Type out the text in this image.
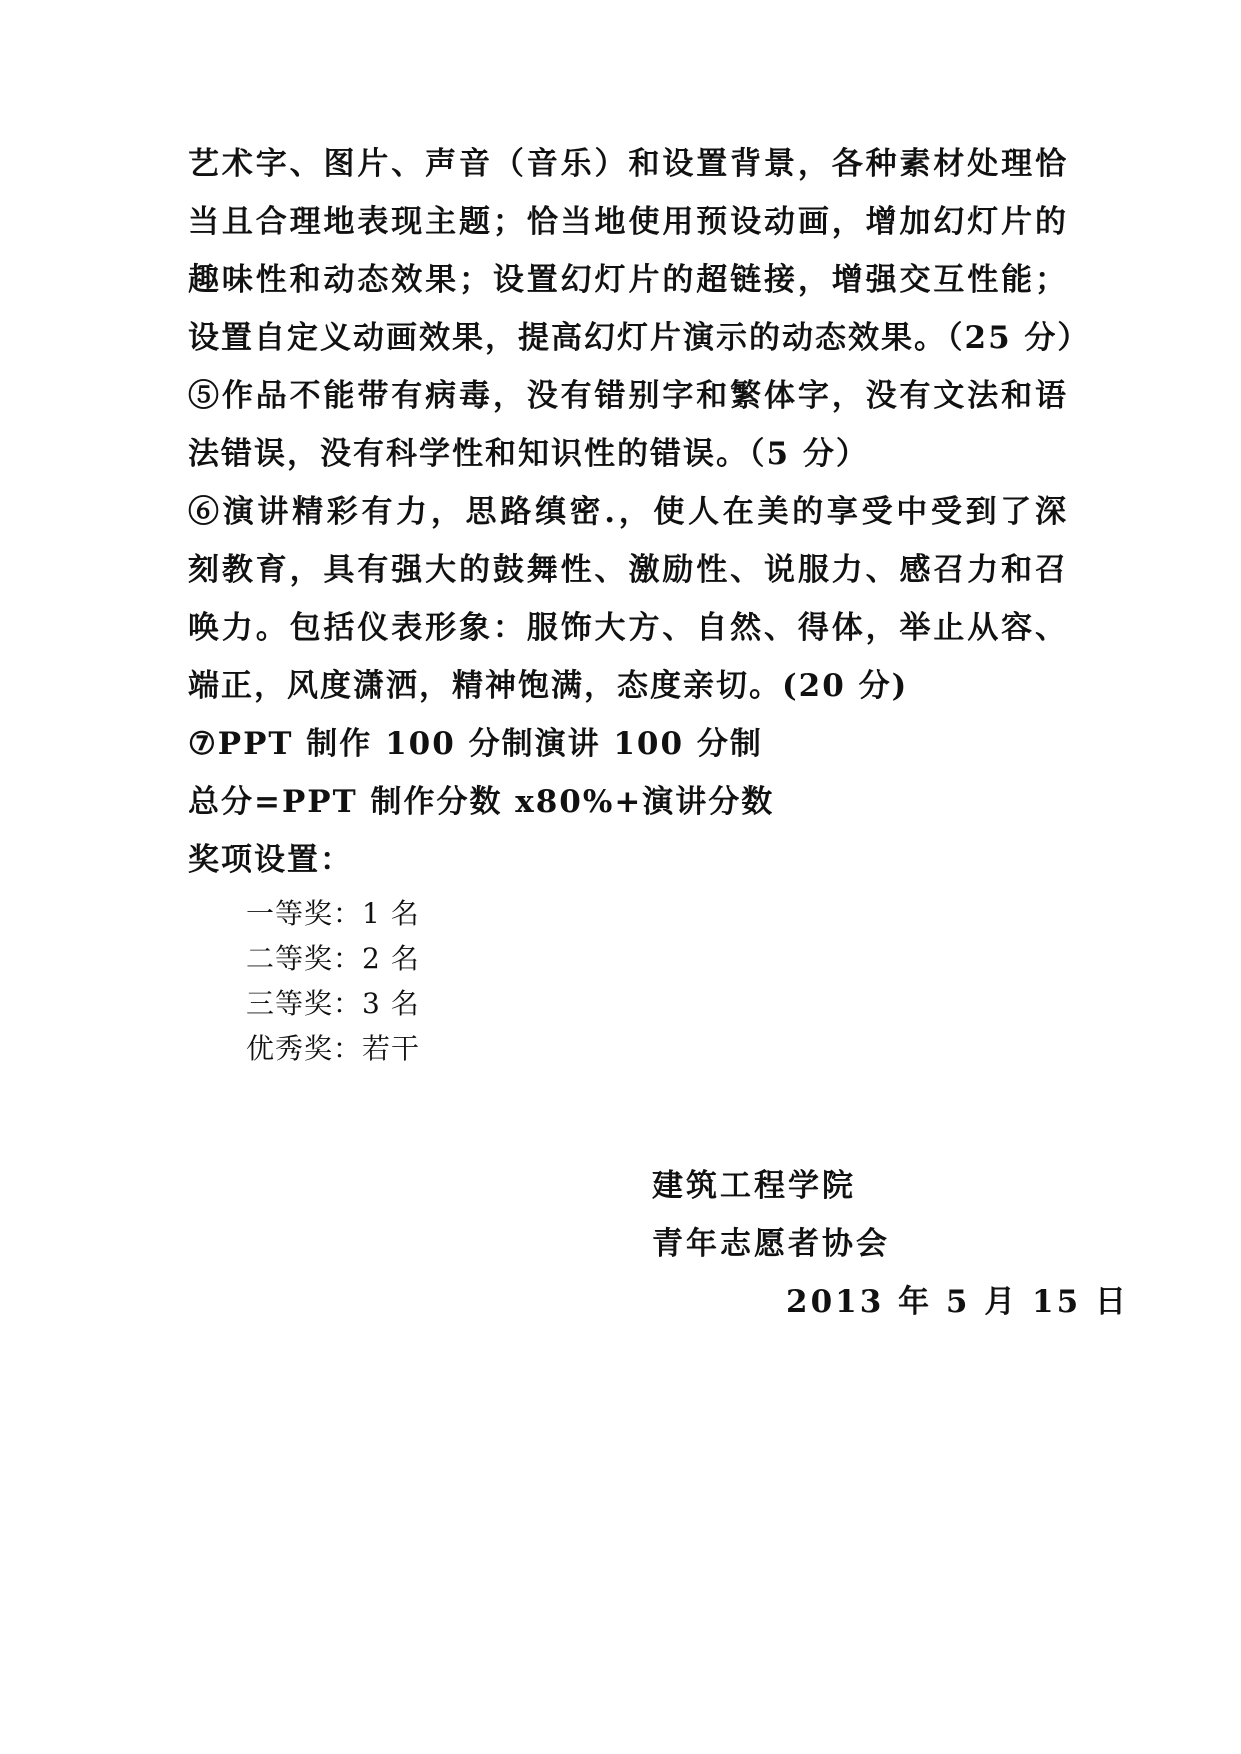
艺术字、图片、声音（音乐）和设置背景，各种素材处理恰
当且合理地表现主题；恰当地使用预设动画，增加幻灯片的
趣味性和动态效果；设置幻灯片的超链接，增强交互性能；
设置自定义动画效果，提高幻灯片演示的动态效果。（25 分）
⑤作品不能带有病毒，没有错别字和繁体字，没有文法和语
法错误，没有科学性和知识性的错误。（5 分）
⑥演讲精彩有力，思路缜密.，使人在美的享受中受到了深
刻教育，具有强大的鼓舞性、激励性、说服力、感召力和召
唤力。包括仪表形象：服饰大方、自然、得体，举止从容、
端正，风度潇洒，精神饱满，态度亲切。(20 分)
⑦PPT 制作 100 分制演讲 100 分制
总分=PPT 制作分数 x80%+演讲分数
奖项设置：
一等奖：1 名
二等奖：2 名
三等奖：3 名
优秀奖：若干
建筑工程学院
青年志愿者协会
2013 年 5 月 15 日
